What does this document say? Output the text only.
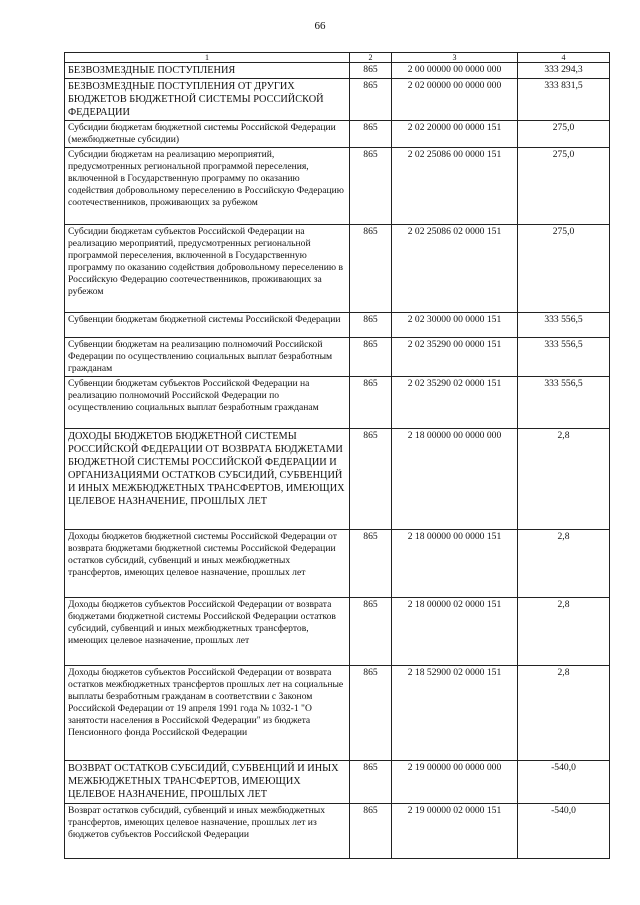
66
1	2	3	4
БЕЗВОЗМЕЗДНЫЕ ПОСТУПЛЕНИЯ	865	2 00 00000 00 0000 000	333 294,3
БЕЗВОЗМЕЗДНЫЕ ПОСТУПЛЕНИЯ ОТ ДРУГИХ БЮДЖЕТОВ БЮДЖЕТНОЙ СИСТЕМЫ РОССИЙСКОЙ ФЕДЕРАЦИИ	865	2 02 00000 00 0000 000	333 831,5
Субсидии бюджетам бюджетной системы Российской Федерации (межбюджетные субсидии)	865	2 02 20000 00 0000 151	275,0
Субсидии бюджетам на реализацию мероприятий, предусмотренных региональной программой переселения, включенной в Государственную программу по оказанию содействия добровольному переселению в Российскую Федерацию соотечественников, проживающих за рубежом	865	2 02 25086 00 0000 151	275,0
Субсидии бюджетам субъектов Российской Федерации на реализацию мероприятий, предусмотренных региональной программой переселения, включенной в Государственную программу по оказанию содействия добровольному переселению в Российскую Федерацию соотечественников, проживающих за рубежом	865	2 02 25086 02 0000 151	275,0
Субвенции бюджетам бюджетной системы Российской Федерации	865	2 02 30000 00 0000 151	333 556,5
Субвенции бюджетам на реализацию полномочий Российской Федерации по осуществлению социальных выплат безработным гражданам	865	2 02 35290 00 0000 151	333 556,5
Субвенции бюджетам субъектов Российской Федерации на реализацию полномочий Российской Федерации по осуществлению социальных выплат безработным гражданам	865	2 02 35290 02 0000 151	333 556,5
ДОХОДЫ БЮДЖЕТОВ БЮДЖЕТНОЙ СИСТЕМЫ РОССИЙСКОЙ ФЕДЕРАЦИИ ОТ ВОЗВРАТА БЮДЖЕТАМИ БЮДЖЕТНОЙ СИСТЕМЫ РОССИЙСКОЙ ФЕДЕРАЦИИ И ОРГАНИЗАЦИЯМИ ОСТАТКОВ СУБСИДИЙ, СУБВЕНЦИЙ И ИНЫХ МЕЖБЮДЖЕТНЫХ ТРАНСФЕРТОВ, ИМЕЮЩИХ ЦЕЛЕВОЕ НАЗНАЧЕНИЕ, ПРОШЛЫХ ЛЕТ	865	2 18 00000 00 0000 000	2,8
Доходы бюджетов бюджетной системы Российской Федерации от возврата бюджетами бюджетной системы Российской Федерации остатков субсидий, субвенций и иных межбюджетных трансфертов, имеющих целевое назначение, прошлых лет	865	2 18 00000 00 0000 151	2,8
Доходы бюджетов субъектов Российской Федерации от возврата бюджетами бюджетной системы Российской Федерации остатков субсидий, субвенций и иных межбюджетных трансфертов, имеющих целевое назначение, прошлых лет	865	2 18 00000 02 0000 151	2,8
Доходы бюджетов субъектов Российской Федерации от возврата остатков межбюджетных трансфертов прошлых лет на социальные выплаты безработным гражданам в соответствии с Законом Российской Федерации от 19 апреля 1991 года № 1032-1 "О занятости населения в Российской Федерации" из бюджета Пенсионного фонда Российской Федерации	865	2 18 52900 02 0000 151	2,8
ВОЗВРАТ ОСТАТКОВ СУБСИДИЙ, СУБВЕНЦИЙ И ИНЫХ МЕЖБЮДЖЕТНЫХ ТРАНСФЕРТОВ, ИМЕЮЩИХ ЦЕЛЕВОЕ НАЗНАЧЕНИЕ, ПРОШЛЫХ ЛЕТ	865	2 19 00000 00 0000 000	-540,0
Возврат остатков субсидий, субвенций и иных межбюджетных трансфертов, имеющих целевое назначение, прошлых лет из бюджетов субъектов Российской Федерации	865	2 19 00000 02 0000 151	-540,0
